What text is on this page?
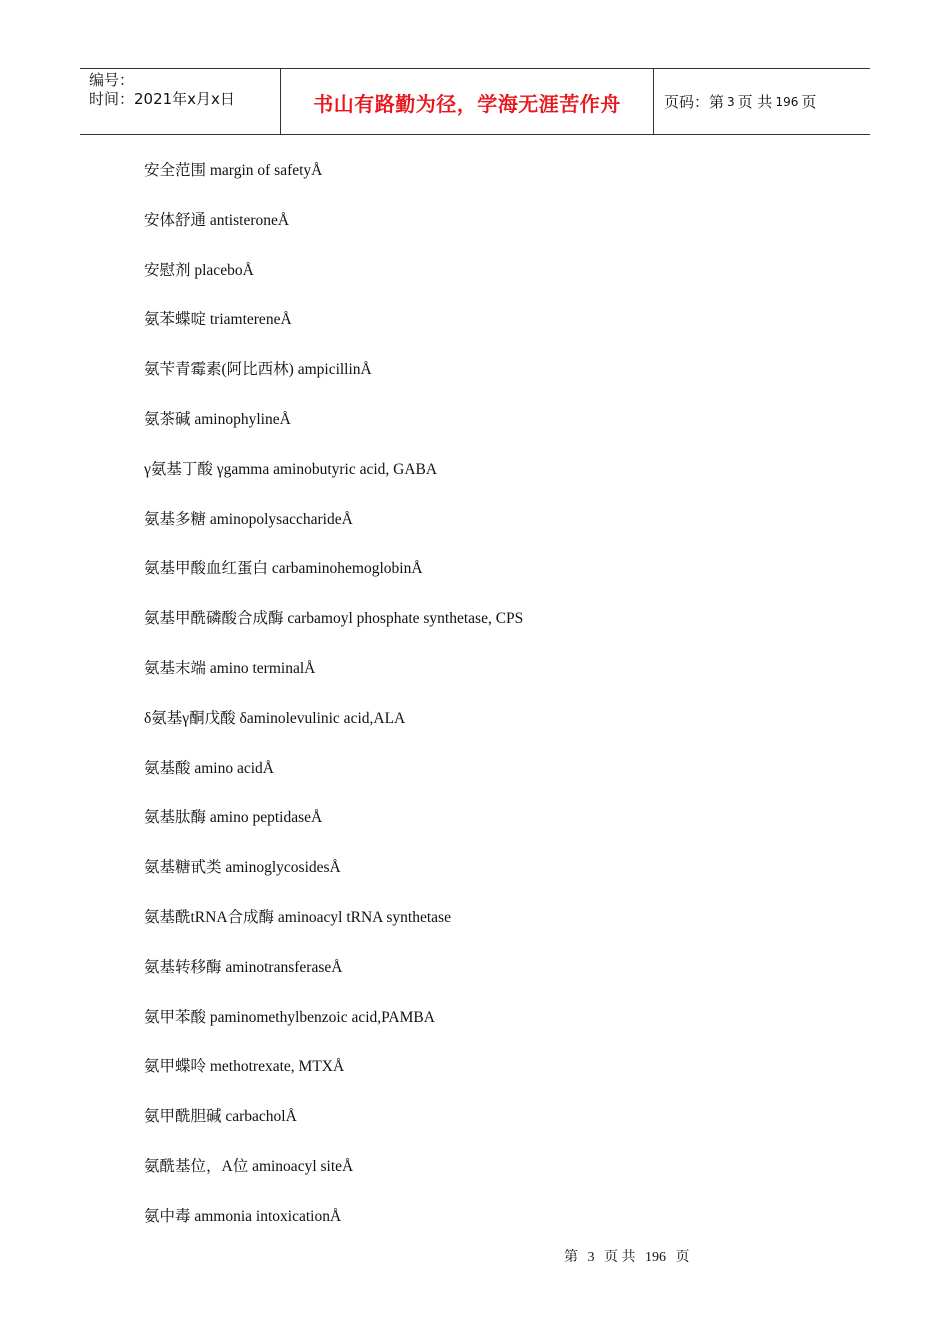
编号：
时间：2021年x月x日	书山有路勤为径，学海无涯苦作舟	页码：第 3 页 共 196 页
安全范围 margin of safetyÅ
安体舒通 antisteroneÅ
安慰剂 placeboÅ
氨苯蝶啶 triamtereneÅ
氨苄青霉素(阿比西林) ampicillinÅ
氨茶碱 aminophylineÅ
γ氨基丁酸 γgamma aminobutyric acid, GABA
氨基多糖 aminopolysaccharideÅ
氨基甲酸血红蛋白 carbaminohemoglobinÅ
氨基甲酰磷酸合成酶 carbamoyl phosphate synthetase, CPS
氨基末端 amino terminalÅ
δ氨基γ酮戊酸 δaminolevulinic acid,ALA
氨基酸 amino acidÅ
氨基肽酶 amino peptidaseÅ
氨基糖甙类 aminoglycosidesÅ
氨基酰tRNA合成酶 aminoacyl tRNA synthetase
氨基转移酶 aminotransferaseÅ
氨甲苯酸 paminomethylbenzoic acid,PAMBA
氨甲蝶呤 methotrexate, MTXÅ
氨甲酰胆碱 carbacholÅ
氨酰基位，A位 aminoacyl siteÅ
氨中毒 ammonia intoxicationÅ
第 3 页 共 196 页
